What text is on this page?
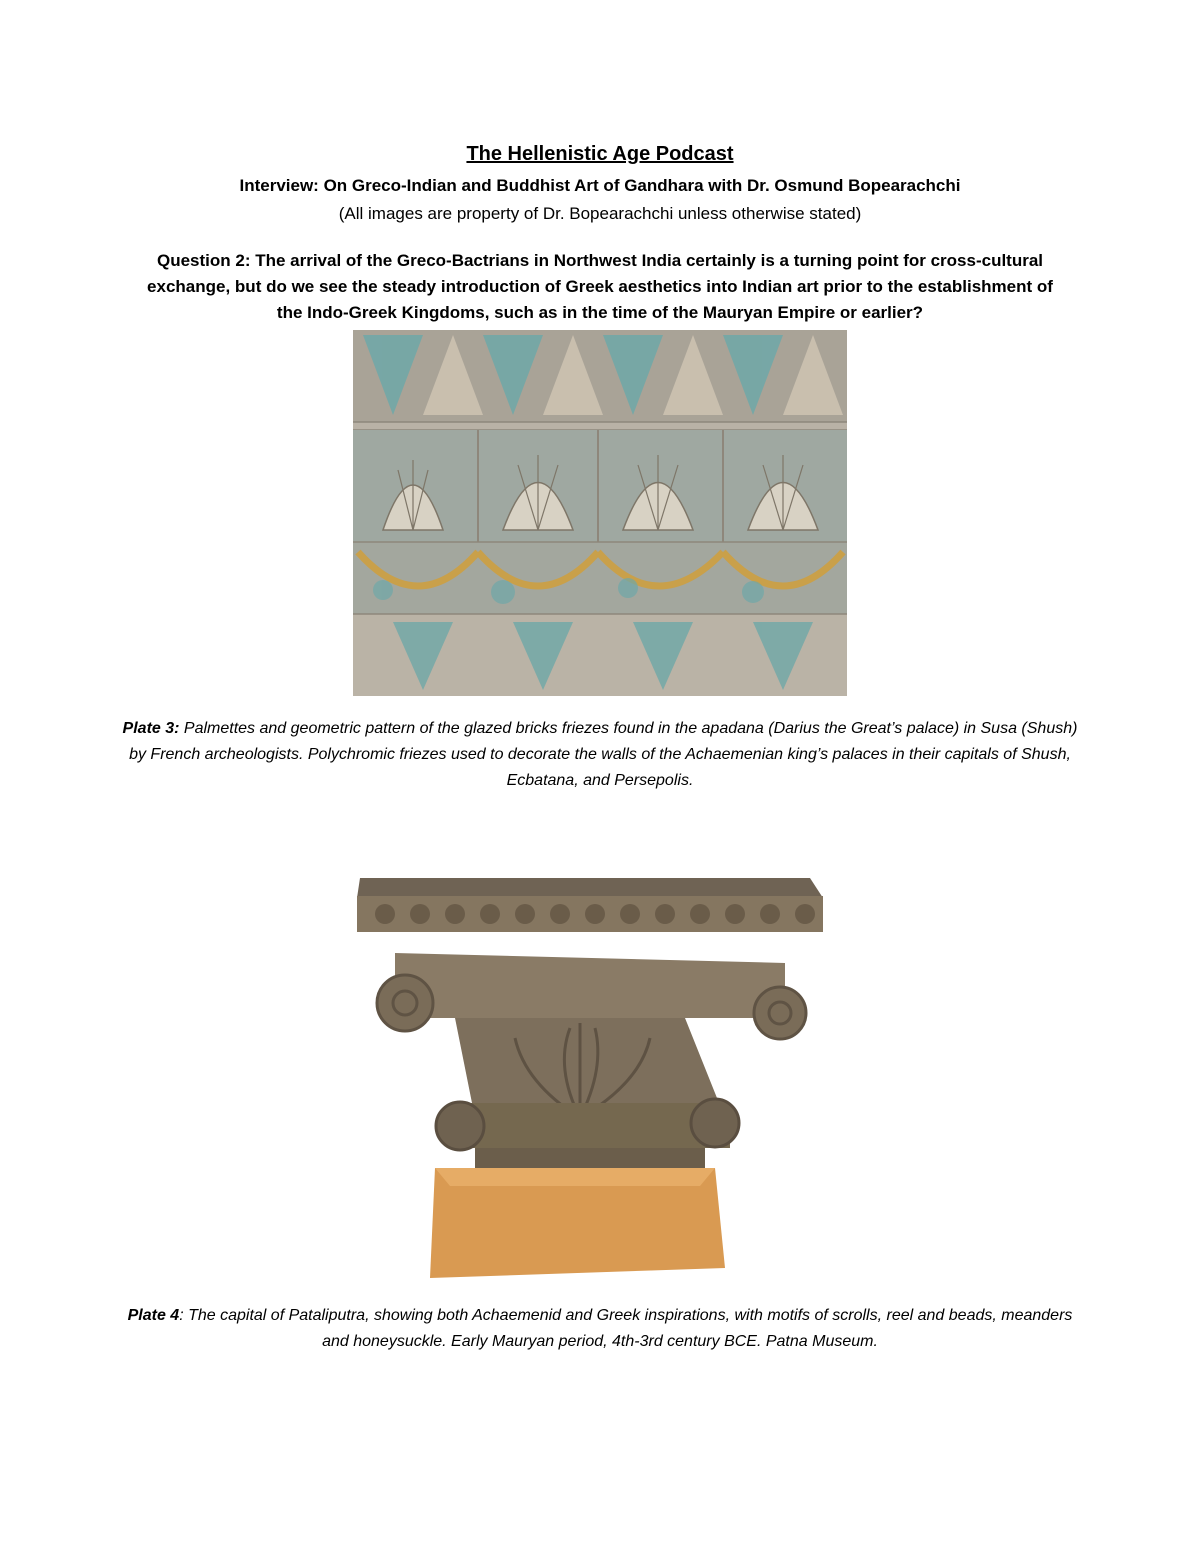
The Hellenistic Age Podcast
Interview: On Greco-Indian and Buddhist Art of Gandhara with Dr. Osmund Bopearachchi
(All images are property of Dr. Bopearachchi unless otherwise stated)
Question 2: The arrival of the Greco-Bactrians in Northwest India certainly is a turning point for cross-cultural exchange, but do we see the steady introduction of Greek aesthetics into Indian art prior to the establishment of the Indo-Greek Kingdoms, such as in the time of the Mauryan Empire or earlier?
Plate 3: Palmettes and geometric pattern of the glazed bricks friezes found in the apadana (Darius the Great’s palace) in Susa (Shush) by French archeologists. Polychromic friezes used to decorate the walls of the Achaemenian king’s palaces in their capitals of Shush, Ecbatana, and Persepolis.
Plate 4: The capital of Pataliputra, showing both Achaemenid and Greek inspirations, with motifs of scrolls, reel and beads, meanders and honeysuckle. Early Mauryan period, 4th-3rd century BCE. Patna Museum.
